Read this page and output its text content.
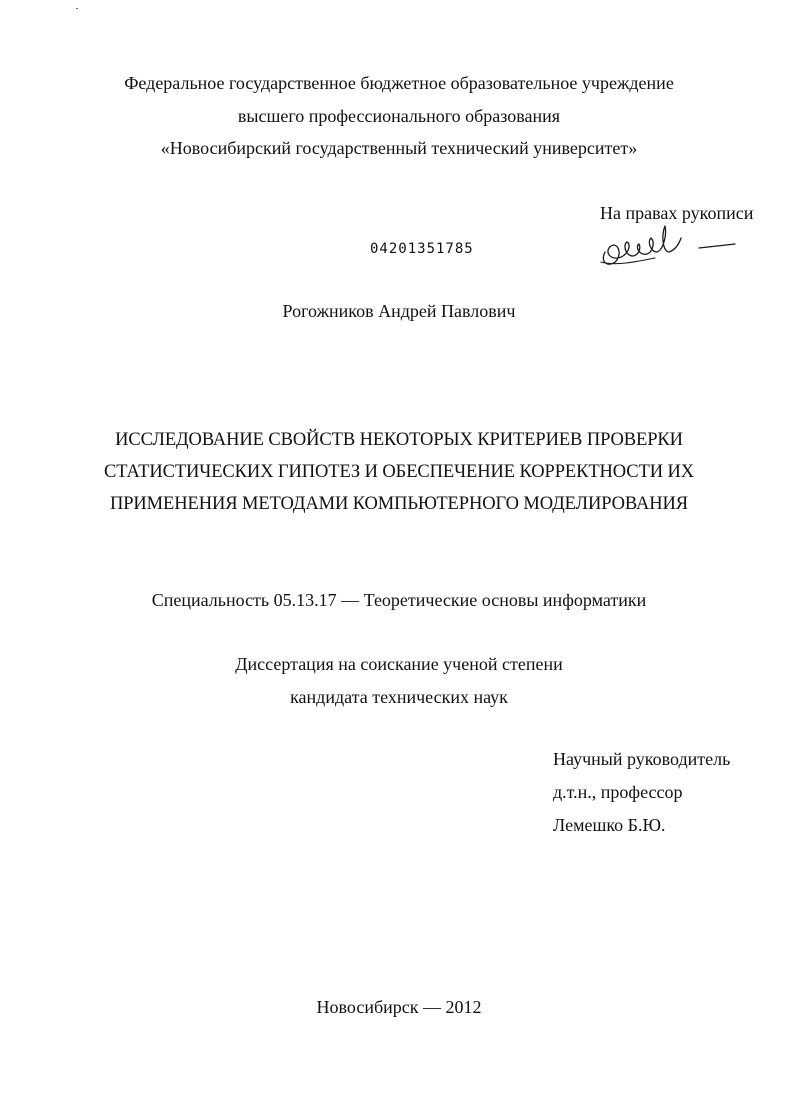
Федеральное государственное бюджетное образовательное учреждение
высшего профессионального образования
«Новосибирский государственный технический университет»
На правах рукописи
04201351785
Рогожников Андрей Павлович
ИССЛЕДОВАНИЕ СВОЙСТВ НЕКОТОРЫХ КРИТЕРИЕВ ПРОВЕРКИ
СТАТИСТИЧЕСКИХ ГИПОТЕЗ И ОБЕСПЕЧЕНИЕ КОРРЕКТНОСТИ ИХ
ПРИМЕНЕНИЯ МЕТОДАМИ КОМПЬЮТЕРНОГО МОДЕЛИРОВАНИЯ
Специальность 05.13.17 — Теоретические основы информатики
Диссертация на соискание ученой степени
кандидата технических наук
Научный руководитель
д.т.н., профессор
Лемешко Б.Ю.
Новосибирск — 2012
